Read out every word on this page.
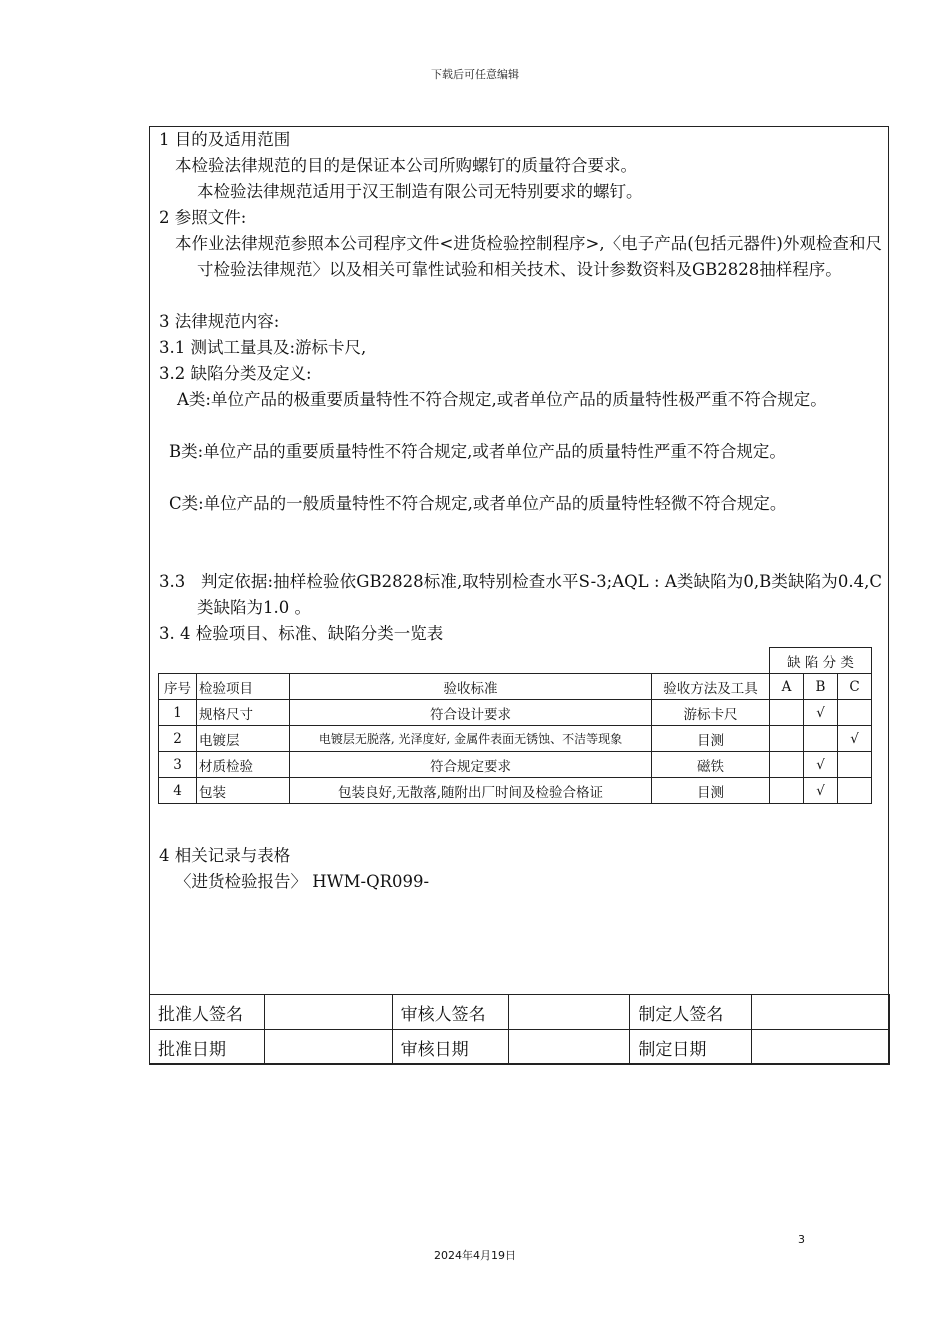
下载后可任意编辑
1 目的及适用范围
本检验法律规范的目的是保证本公司所购螺钉的质量符合要求。
本检验法律规范适用于汉王制造有限公司无特别要求的螺钉。
2 参照文件:
本作业法律规范参照本公司程序文件<进货检验控制程序>,〈电子产品(包括元器件)外观检查和尺寸检验法律规范〉以及相关可靠性试验和相关技术、设计参数资料及GB2828抽样程序。
3 法律规范内容:
3.1 测试工量具及:游标卡尺,
3.2 缺陷分类及定义:
A类:单位产品的极重要质量特性不符合规定,或者单位产品的质量特性极严重不符合规定。
B类:单位产品的重要质量特性不符合规定,或者单位产品的质量特性严重不符合规定。
C类:单位产品的一般质量特性不符合规定,或者单位产品的质量特性轻微不符合规定。
3.3 判定依据:抽样检验依GB2828标准,取特别检查水平S-3;AQL : A类缺陷为0,B类缺陷为0.4,C类缺陷为1.0 。
3. 4 检验项目、标准、缺陷分类一览表
				缺 陷 分 类		
序号	检验项目	验收标准	验收方法及工具	A	B	C
1	规格尺寸	符合设计要求	游标卡尺		√	
2	电镀层	电镀层无脱落, 光泽度好, 金属件表面无锈蚀、不洁等现象	目测			√
3	材质检验	符合规定要求	磁铁		√	
4	包装	包装良好,无散落,随附出厂时间及检验合格证	目测		√	
4 相关记录与表格
〈进货检验报告〉 HWM-QR099-
批准人签名		审核人签名		制定人签名	
批准日期		审核日期		制定日期	
3
2024年4月19日
